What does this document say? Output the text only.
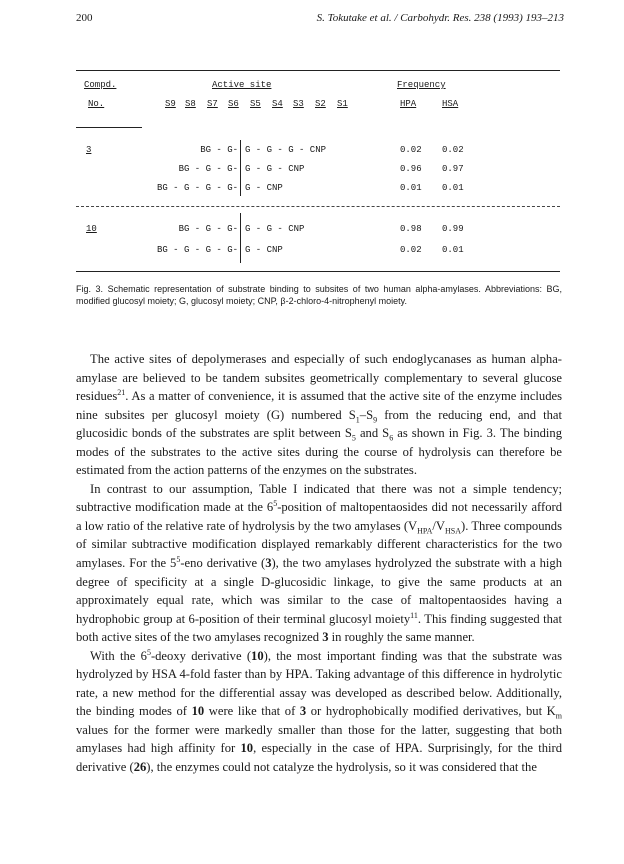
200	S. Tokutake et al. / Carbohydr. Res. 238 (1993) 193–213
Compd.
No.
Active site	Frequency
HPA	HSA
S9 S8 S7 S6 S5 S4 S3 S2 S1
3	BG - G- G - G - G - CNP	0.02 0.02
BG - G - G- G - G - CNP	0.96 0.97
BG - G - G - G- G - CNP	0.01 0.01
10	BG - G - G- G - G - CNP	0.98 0.99
BG - G - G - G- G - CNP	0.02 0.01
Fig. 3. Schematic representation of substrate binding to subsites of two human alpha-amylases. Abbreviations: BG, modified glucosyl moiety; G, glucosyl moiety; CNP, β-2-chloro-4-nitrophenyl moiety.

The active sites of depolymerases and especially of such endoglycanases as human alpha-amylase are believed to be tandem subsites geometrically complementary to several glucose residues$^{21}$. As a matter of convenience, it is assumed that the active site of the enzyme includes nine subsites per glucosyl moiety (G) numbered $S_1-S_9$ from the reducing end, and that glucosidic bonds of the substrates are split between $S_5$ and $S_6$ as shown in Fig. 3. The binding modes of the substrates to the active sites during the course of hydrolysis can therefore be estimated from the action patterns of the enzymes on the substrates.

In contrast to our assumption, Table I indicated that there was not a simple tendency; subtractive modification made at the $6^5$-position of maltopentaosides did not necessarily afford a low ratio of the relative rate of hydrolysis by the two amylases $(V_{HPA}/V_{HSA})$. Three compounds of similar subtractive modification displayed remarkably different characteristics for the two amylases. For the $5^5$-eno derivative (3), the two amylases hydrolyzed the substrate with a high degree of specificity at a single D-glucosidic linkage, to give the same products at an approximately equal rate, which was similar to the case of maltopentaosides having a hydrophobic group at 6-position of their terminal glucosyl moiety$^{11}$. This finding suggested that both active sites of the two amylases recognized 3 in roughly the same manner.

With the $6^5$-deoxy derivative (10), the most important finding was that the substrate was hydrolyzed by HSA 4-fold faster than by HPA. Taking advantage of this difference in hydrolytic rate, a new method for the differential assay was developed as described below. Additionally, the binding modes of 10 were like that of 3 or hydrophobically modified derivatives, but $K_m$ values for the former were markedly smaller than those for the latter, suggesting that both amylases had high affinity for 10, especially in the case of HPA. Surprisingly, for the third derivative (26), the enzymes could not catalyze the hydrolysis, so it was considered that the
